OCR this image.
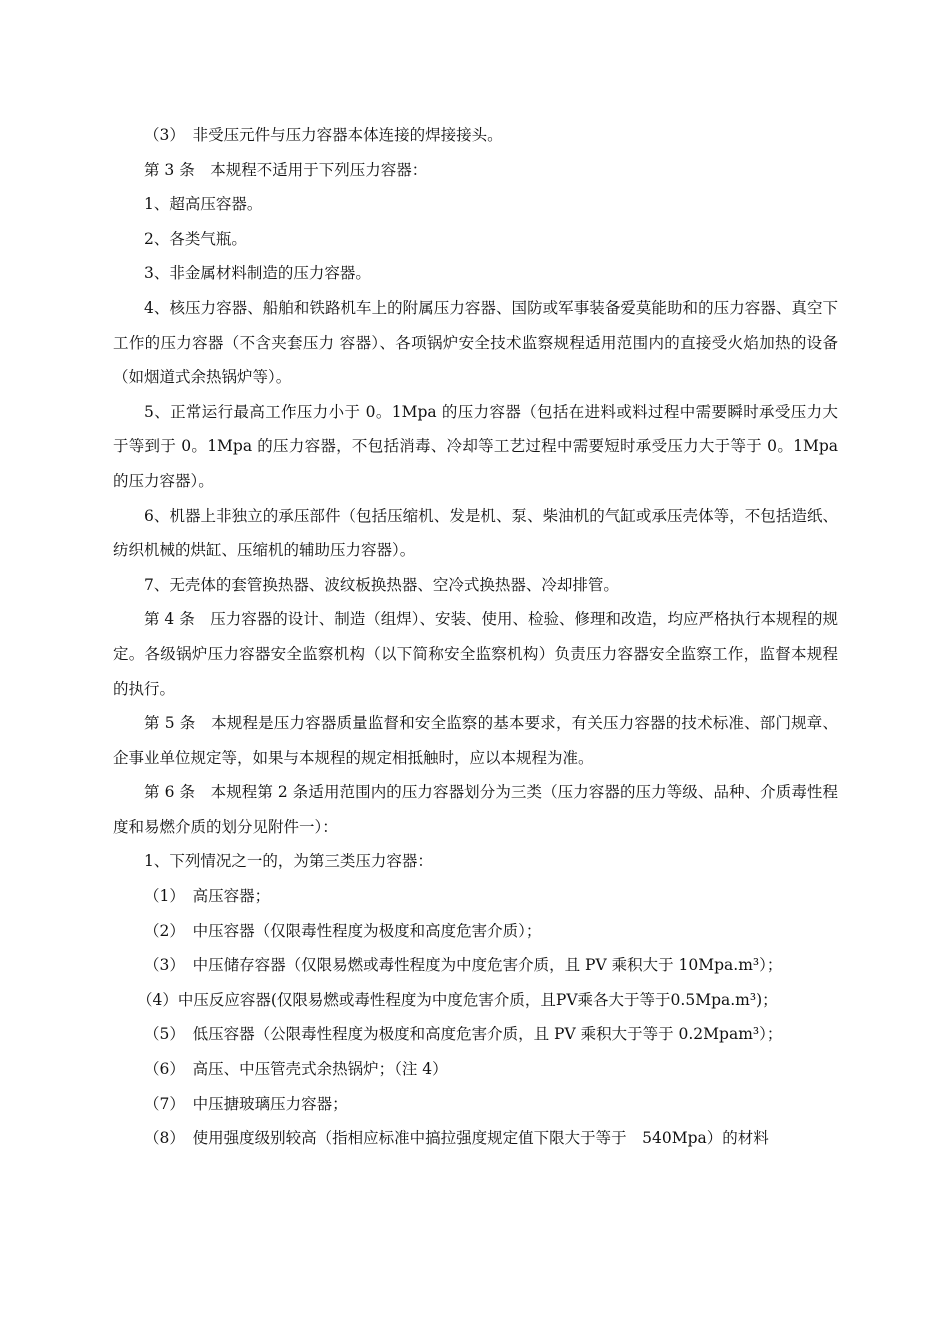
（3）　非受压元件与压力容器本体连接的焊接接头。

第 3 条　本规程不适用于下列压力容器：

1、超高压容器。

2、各类气瓶。

3、非金属材料制造的压力容器。

4、核压力容器、船舶和铁路机车上的附属压力容器、国防或军事装备爱莫能助和的压力容器、真空下工作的压力容器（不含夹套压力 容器）、各项锅炉安全技术监察规程适用范围内的直接受火焰加热的设备（如烟道式余热锅炉等）。

5、正常运行最高工作压力小于 0。1Mpa 的压力容器（包括在进料或料过程中需要瞬时承受压力大于等到于 0。1Mpa 的压力容器，不包括消毒、冷却等工艺过程中需要短时承受压力大于等于 0。1Mpa 的压力容器）。

6、机器上非独立的承压部件（包括压缩机、发是机、泵、柴油机的气缸或承压壳体等，不包括造纸、纺织机械的烘缸、压缩机的辅助压力容器）。

7、无壳体的套管换热器、波纹板换热器、空冷式换热器、冷却排管。

第 4 条　压力容器的设计、制造（组焊）、安装、使用、检验、修理和改造，均应严格执行本规程的规定。各级锅炉压力容器安全监察机构（以下简称安全监察机构）负责压力容器安全监察工作，监督本规程的执行。

第 5 条　本规程是压力容器质量监督和安全监察的基本要求，有关压力容器的技术标准、部门规章、企事业单位规定等，如果与本规程的规定相抵触时，应以本规程为准。

第 6 条　本规程第 2 条适用范围内的压力容器划分为三类（压力容器的压力等级、品种、介质毒性程度和易燃介质的划分见附件一）：

1、下列情况之一的，为第三类压力容器：

（1）　高压容器；

（2）　中压容器（仅限毒性程度为极度和高度危害介质）；

（3）　中压储存容器（仅限易燃或毒性程度为中度危害介质，且 PV 乘积大于 10Mpa.m³）；

（4）中压反应容器(仅限易燃或毒性程度为中度危害介质，且PV乘各大于等于0.5Mpa.m³)；

（5）　低压容器（公限毒性程度为极度和高度危害介质，且 PV 乘积大于等于 0.2Mpam³）；

（6）　高压、中压管壳式余热锅炉；（注 4）

（7）　中压搪玻璃压力容器；

（8）　使用强度级别较高（指相应标准中搞拉强度规定值下限大于等于　540Mpa）的材料
